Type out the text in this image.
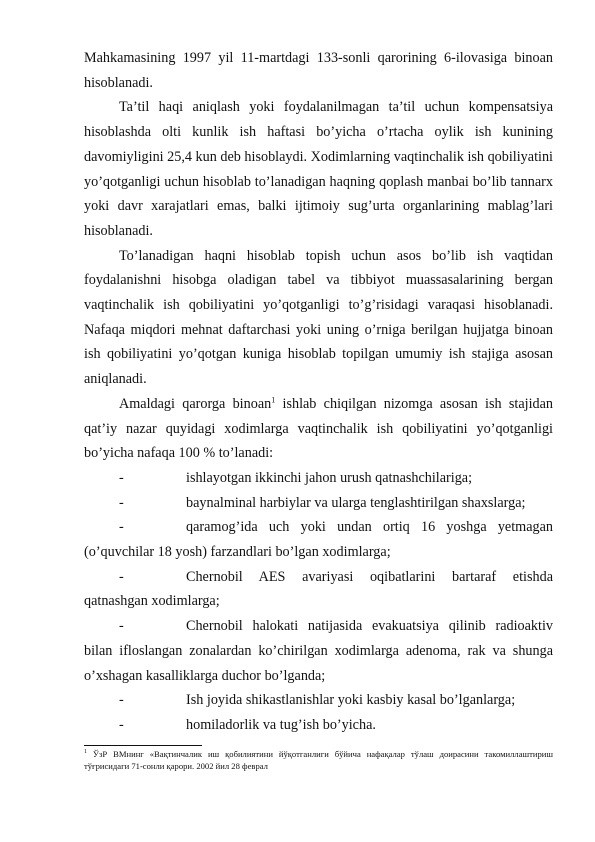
Mahkamasining 1997 yil 11-martdagi 133-sonli qarorining 6-ilovasiga binoan hisoblanadi.

Ta’til haqi aniqlash yoki foydalanilmagan ta’til uchun kompensatsiya hisoblashda olti kunlik ish haftasi bo’yicha o’rtacha oylik ish kunining davomiyligini 25,4 kun deb hisoblaydi. Xodimlarning vaqtinchalik ish qobiliyatini yo’qotganligi uchun hisoblab to’lanadigan haqning qoplash manbai bo’lib tannarx yoki davr xarajatlari emas, balki ijtimoiy sug’urta organlarining mablag’lari hisoblanadi.

To’lanadigan haqni hisoblab topish uchun asos bo’lib ish vaqtidan foydalanishni hisobga oladigan tabel va tibbiyot muassasalarining bergan vaqtinchalik ish qobiliyatini yo’qotganligi to’g’risidagi varaqasi hisoblanadi. Nafaqa miqdori mehnat daftarchasi yoki uning o’rniga berilgan hujjatga binoan ish qobiliyatini yo’qotgan kuniga hisoblab topilgan umumiy ish stajiga asosan aniqlanadi.

Amaldagi qarorga binoan$^1$ ishlab chiqilgan nizomga asosan ish stajidan qat’iy nazar quyidagi xodimlarga vaqtinchalik ish qobiliyatini yo’qotganligi bo’yicha nafaqa 100 % to’lanadi:

-	ishlayotgan ikkinchi jahon urush qatnashchilariga;

-	baynalminal harbiylar va ularga tenglashtirilgan shaxslarga;

-	qaramog’ida uch yoki undan ortiq 16 yoshga yetmagan (o’quvchilar 18 yosh) farzandlari bo’lgan xodimlarga;

-	Chernobil AES avariyasi oqibatlarini bartaraf etishda qatnashgan xodimlarga;

-	Chernobil halokati natijasida evakuatsiya qilinib radioaktiv bilan ifloslangan zonalardan ko’chirilgan xodimlarga adenoma, rak va shunga o’xshagan kasalliklarga duchor bo’lganda;

-	Ish joyida shikastlanishlar yoki kasbiy kasal bo’lganlarga;

-	homiladorlik va tug’ish bo’yicha.

$^1$ ЎзР ВМнинг «Вақтинчалик иш қобилиятини йўқотганлиги бўйича нафақалар тўлаш доирасини такомиллаштириш тўғрисидаги 71-сонли қарори. 2002 йил 28 феврал
